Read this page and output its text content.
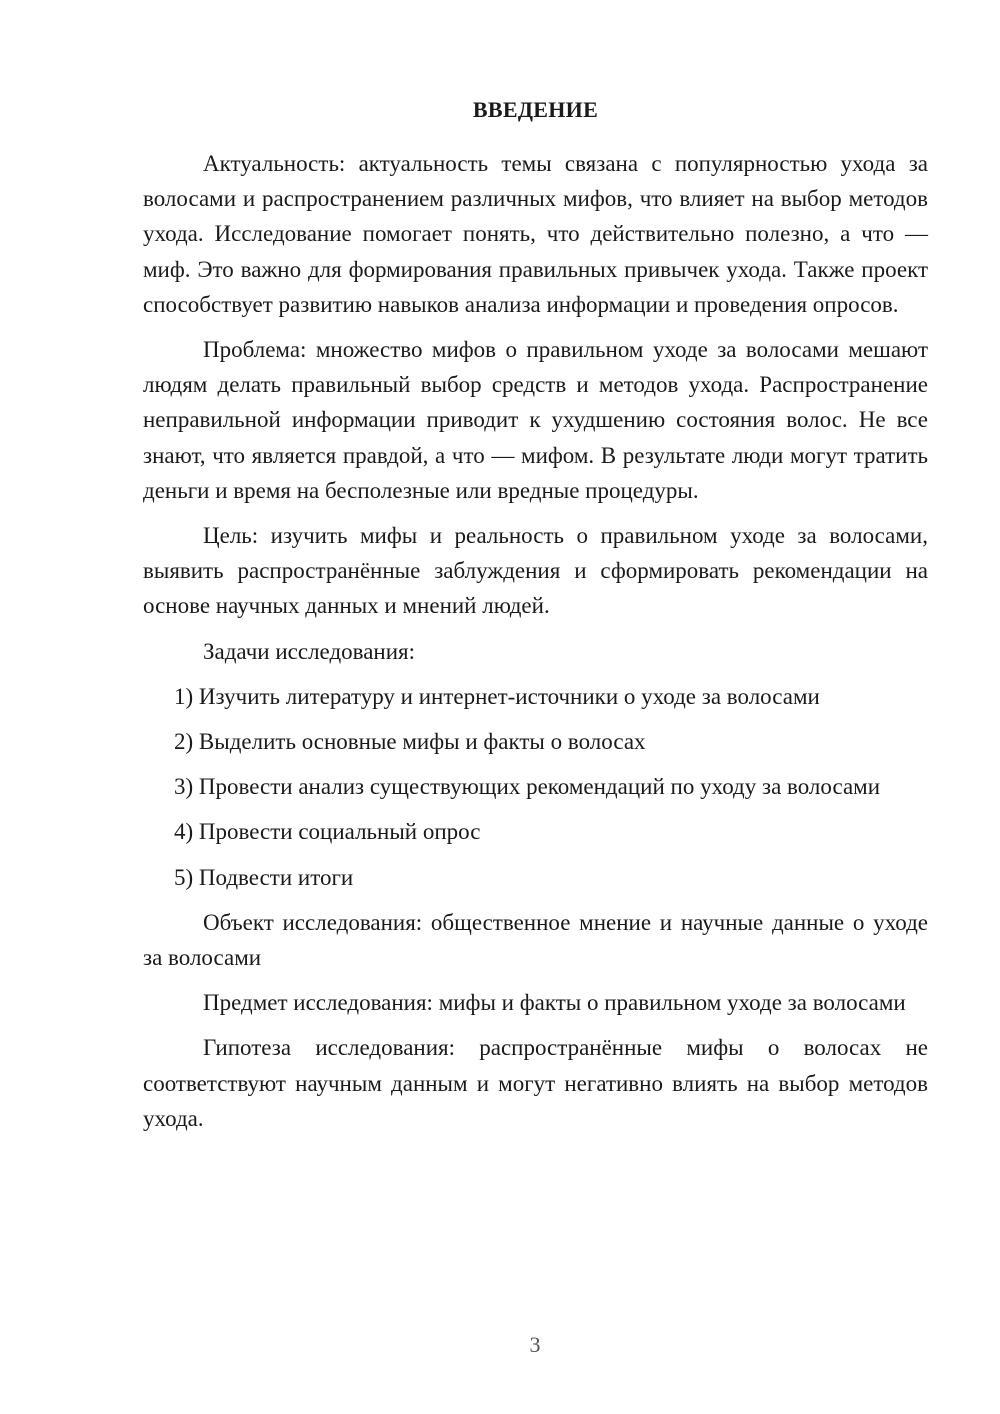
ВВЕДЕНИЕ

Актуальность: актуальность темы связана с популярностью ухода за волосами и распространением различных мифов, что влияет на выбор методов ухода. Исследование помогает понять, что действительно полезно, а что — миф. Это важно для формирования правильных привычек ухода. Также проект способствует развитию навыков анализа информации и проведения опросов.

Проблема: множество мифов о правильном уходе за волосами мешают людям делать правильный выбор средств и методов ухода. Распространение неправильной информации приводит к ухудшению состояния волос. Не все знают, что является правдой, а что — мифом. В результате люди могут тратить деньги и время на бесполезные или вредные процедуры.

Цель: изучить мифы и реальность о правильном уходе за волосами, выявить распространённые заблуждения и сформировать рекомендации на основе научных данных и мнений людей.

Задачи исследования:

1) Изучить литературу и интернет-источники о уходе за волосами

2) Выделить основные мифы и факты о волосах

3) Провести анализ существующих рекомендаций по уходу за волосами

4) Провести социальный опрос

5) Подвести итоги

Объект исследования: общественное мнение и научные данные о уходе за волосами

Предмет исследования: мифы и факты о правильном уходе за волосами

Гипотеза исследования: распространённые мифы о волосах не соответствуют научным данным и могут негативно влиять на выбор методов ухода.

3
